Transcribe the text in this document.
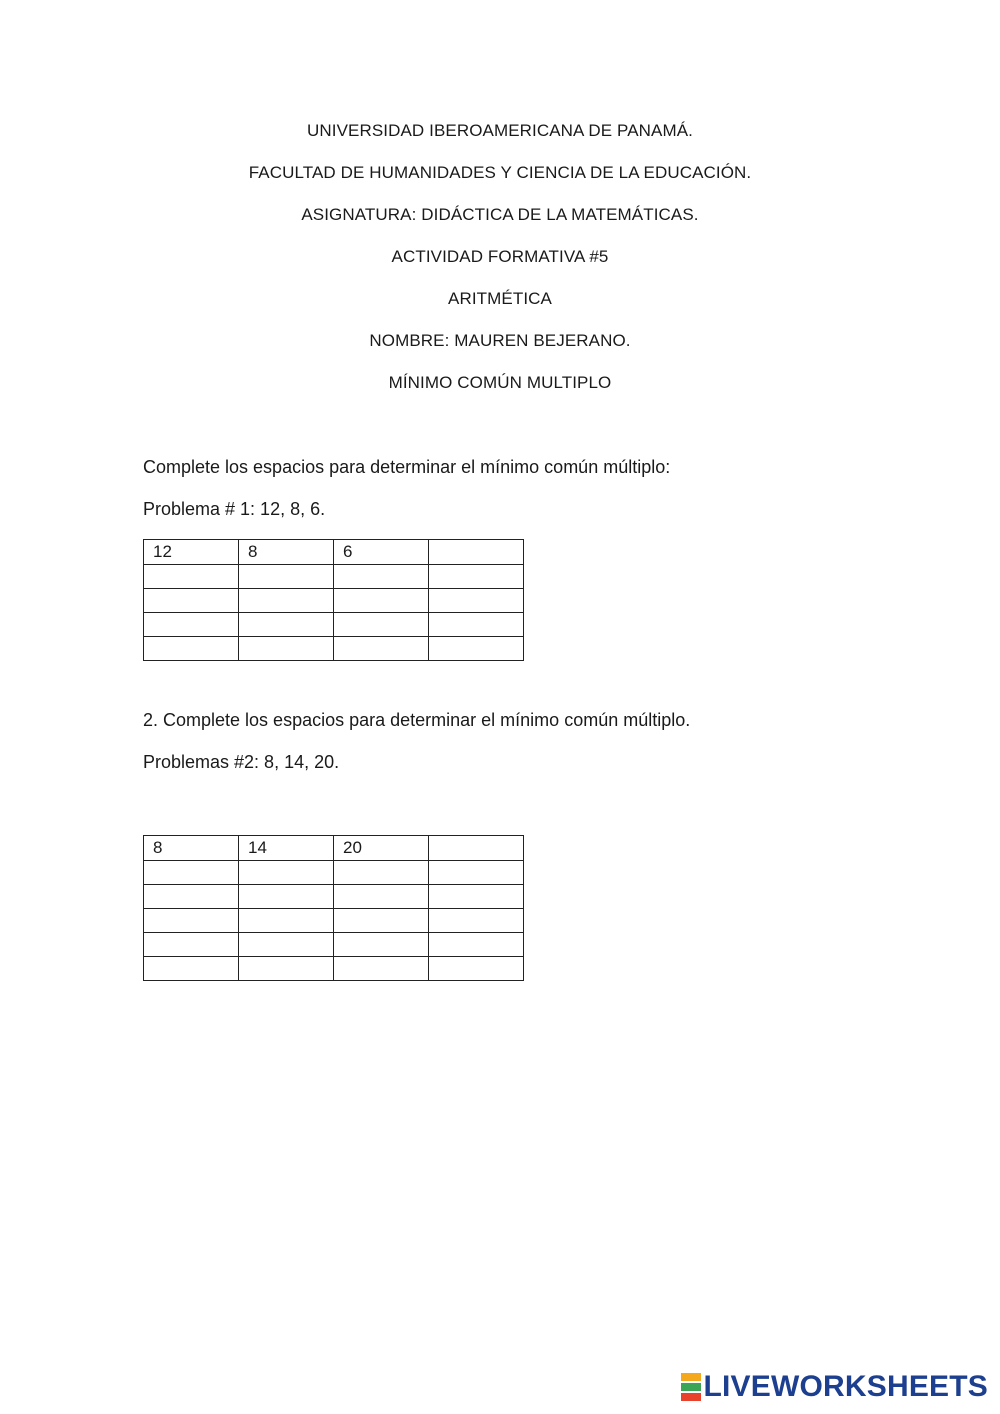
UNIVERSIDAD IBEROAMERICANA DE PANAMÁ.
FACULTAD DE HUMANIDADES Y CIENCIA DE LA EDUCACIÓN.
ASIGNATURA: DIDÁCTICA DE LA MATEMÁTICAS.
ACTIVIDAD FORMATIVA #5
ARITMÉTICA
NOMBRE: MAUREN BEJERANO.
MÍNIMO COMÚN MULTIPLO
Complete los espacios para determinar el mínimo común múltiplo:
Problema # 1: 12, 8, 6.
12	8	6	

2. Complete los espacios para determinar el mínimo común múltiplo.
Problemas #2: 8, 14, 20.
8	14	20	

LIVEWORKSHEETS
